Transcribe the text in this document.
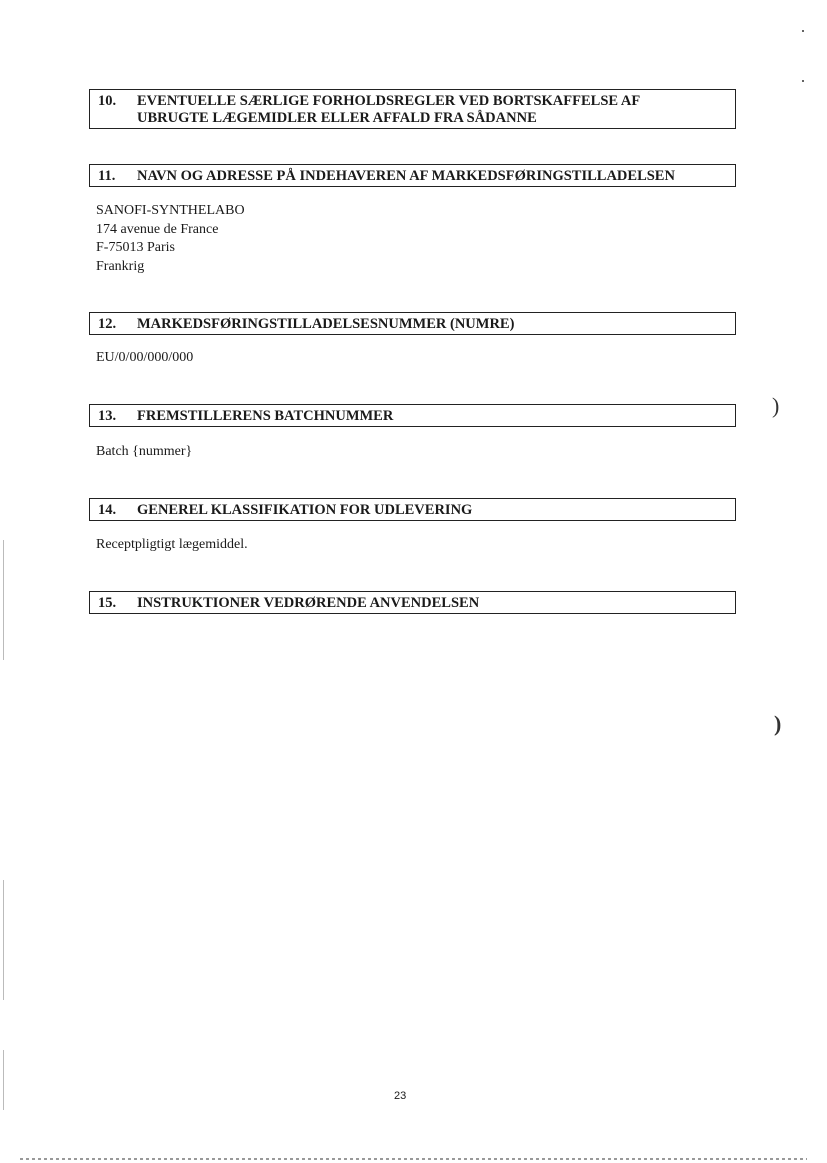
10. EVENTUELLE SÆRLIGE FORHOLDSREGLER VED BORTSKAFFELSE AF
UBRUGTE LÆGEMIDLER ELLER AFFALD FRA SÅDANNE
11. NAVN OG ADRESSE PÅ INDEHAVEREN AF MARKEDSFØRINGSTILLADELSEN
SANOFI-SYNTHELABO
174 avenue de France
F-75013 Paris
Frankrig
12. MARKEDSFØRINGSTILLADELSESNUMMER (NUMRE)
EU/0/00/000/000
13. FREMSTILLERENS BATCHNUMMER
Batch {nummer}
14. GENEREL KLASSIFIKATION FOR UDLEVERING
Receptpligtigt lægemiddel.
15. INSTRUKTIONER VEDRØRENDE ANVENDELSEN
23
)
)
